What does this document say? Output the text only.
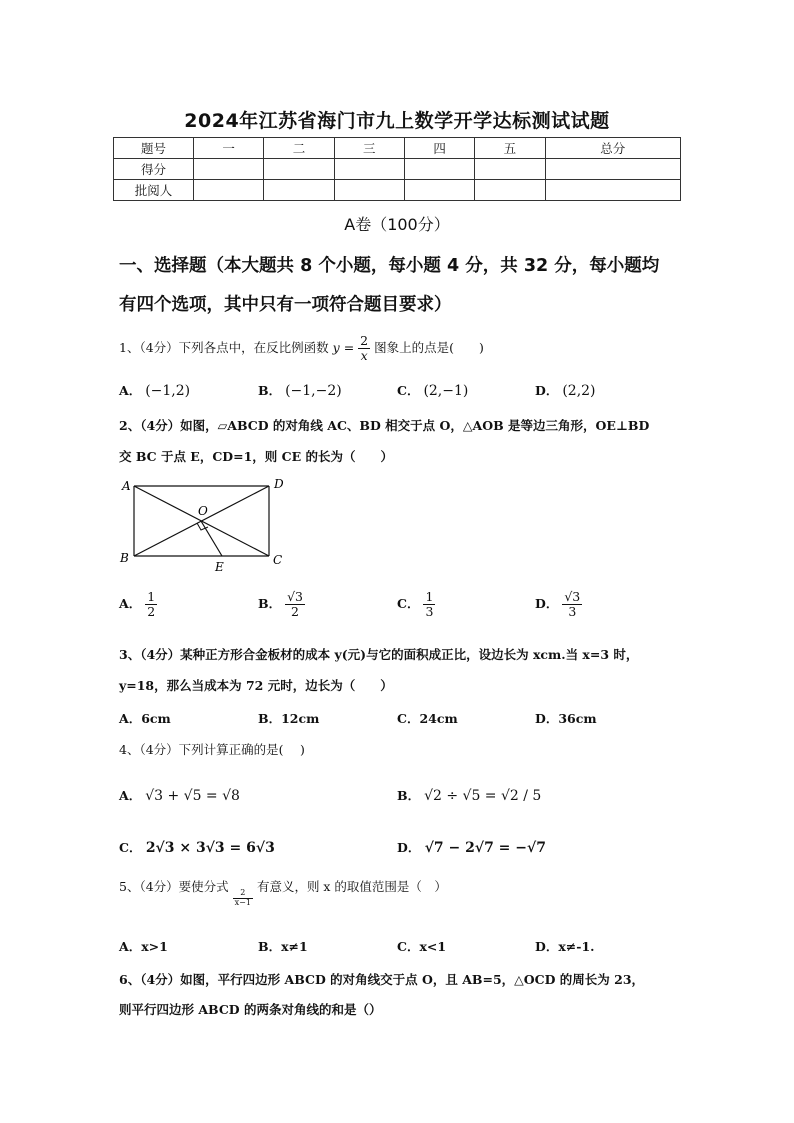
2024年江苏省海门市九上数学开学达标测试试题
题号	一	二	三	四	五	总分
得分						
批阅人						
A卷（100分）
一、选择题（本大题共 8 个小题，每小题 4 分，共 32 分，每小题均
有四个选项，其中只有一项符合题目要求）
1、（4分）下列各点中，在反比例函数 $y = \frac{2}{x}$ 图象上的点是(　　)
A． (−1,2)	B． (−1,−2)	C． (2,−1)	D． (2,2)
2、（4分）如图，▱ABCD 的对角线 AC、BD 相交于点 O，△AOB 是等边三角形，OE⊥BD
交 BC 于点 E，CD=1，则 CE 的长为（　　）
A	D
B	C
O
E
A． $\frac{1}{2}$	B． $\frac{√3}{2}$	C． $\frac{1}{3}$	D． $\frac{√3}{3}$
3、（4分）某种正方形合金板材的成本 y(元)与它的面积成正比，设边长为 xcm.当 x=3 时，
y=18，那么当成本为 72 元时，边长为（　　）
A．6cm	B．12cm	C．24cm	D．36cm
4、（4分）下列计算正确的是(　 )
A． √3 + √5 = √8	B． √2 ÷ √5 = √2 / 5
C． 2√3 × 3√3 = 6√3	D． √7 − 2√7 = −√7
5、（4分）要使分式
$\frac{2}{x-1}$
有意义，则 x 的取值范围是（　）
A．x>1	B．x≠1	C．x<1	D．x≠-1.
6、（4分）如图，平行四边形 ABCD 的对角线交于点 O，且 AB=5，△OCD 的周长为 23，
则平行四边形 ABCD 的两条对角线的和是（）
